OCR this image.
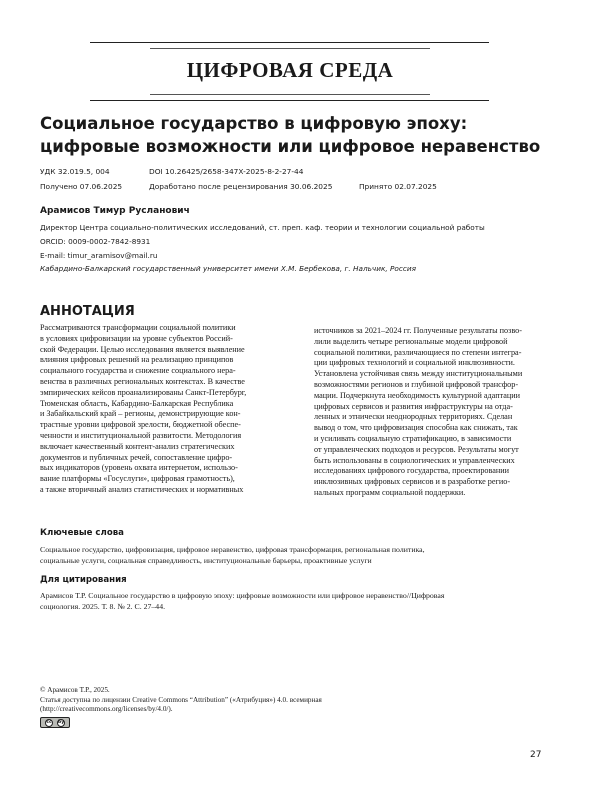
ЦИФРОВАЯ СРЕДА
Социальное государство в цифровую эпоху:
цифровые возможности или цифровое неравенство
УДК 32.019.5, 004	DOI 10.26425/2658-347X-2025-8-2-27-44
Получено 07.06.2025	Доработано после рецензирования 30.06.2025	Принято 02.07.2025
Арамисов Тимур Русланович
Директор Центра социально-политических исследований, ст. преп. каф. теории и технологии социальной работы
ORCID: 0009-0002-7842-8931
E-mail: timur_aramisov@mail.ru
Кабардино-Балкарский государственный университет имени Х.М. Бербекова, г. Нальчик, Россия
АННОТАЦИЯ

Рассматриваются трансформации социальной политики

в условиях цифровизации на уровне субъектов Россий-

ской Федерации. Целью исследования является выявление

влияния цифровых решений на реализацию принципов

социального государства и снижение социального нера-

венства в различных региональных контекстах. В качестве

эмпирических кейсов проанализированы Санкт-Петербург,

Тюменская область, Кабардино-Балкарская Республика

и Забайкальский край – регионы, демонстрирующие кон-

трастные уровни цифровой зрелости, бюджетной обеспе-

ченности и институциональной развитости. Методология

включает качественный контент-анализ стратегических

документов и публичных речей, сопоставление цифро-

вых индикаторов (уровень охвата интернетом, использо-

вание платформы «Госуслуги», цифровая грамотность),

а также вторичный анализ статистических и нормативных

источников за 2021–2024 гг. Полученные результаты позво-

лили выделить четыре региональные модели цифровой

социальной политики, различающиеся по степени интегра-

ции цифровых технологий и социальной инклюзивности.

Установлена устойчивая связь между институциональными

возможностями регионов и глубиной цифровой трансфор-

мации. Подчеркнута необходимость культурной адаптации

цифровых сервисов и развития инфраструктуры на отда-

ленных и этнически неоднородных территориях. Сделан

вывод о том, что цифровизация способна как снижать, так

и усиливать социальную стратификацию, в зависимости

от управленческих подходов и ресурсов. Результаты могут

быть использованы в социологических и управленческих

исследованиях цифрового государства, проектировании

инклюзивных цифровых сервисов и в разработке регио-

нальных программ социальной поддержки.

Ключевые слова
Социальное государство, цифровизация, цифровое неравенство, цифровая трансформация, региональная политика,
социальные услуги, социальная справедливость, институциональные барьеры, проактивные услуги
Для цитирования
Арамисов Т.Р. Социальное государство в цифровую эпоху: цифровые возможности или цифровое неравенство//Цифровая
социология. 2025. Т. 8. № 2. С. 27–44.
© Арамисов Т.Р., 2025.
Статья доступна по лицензии Creative Commons “Attribution” («Атрибуция») 4.0. всемирная
(http://creativecommons.org/licenses/by/4.0/).
cc by
27
